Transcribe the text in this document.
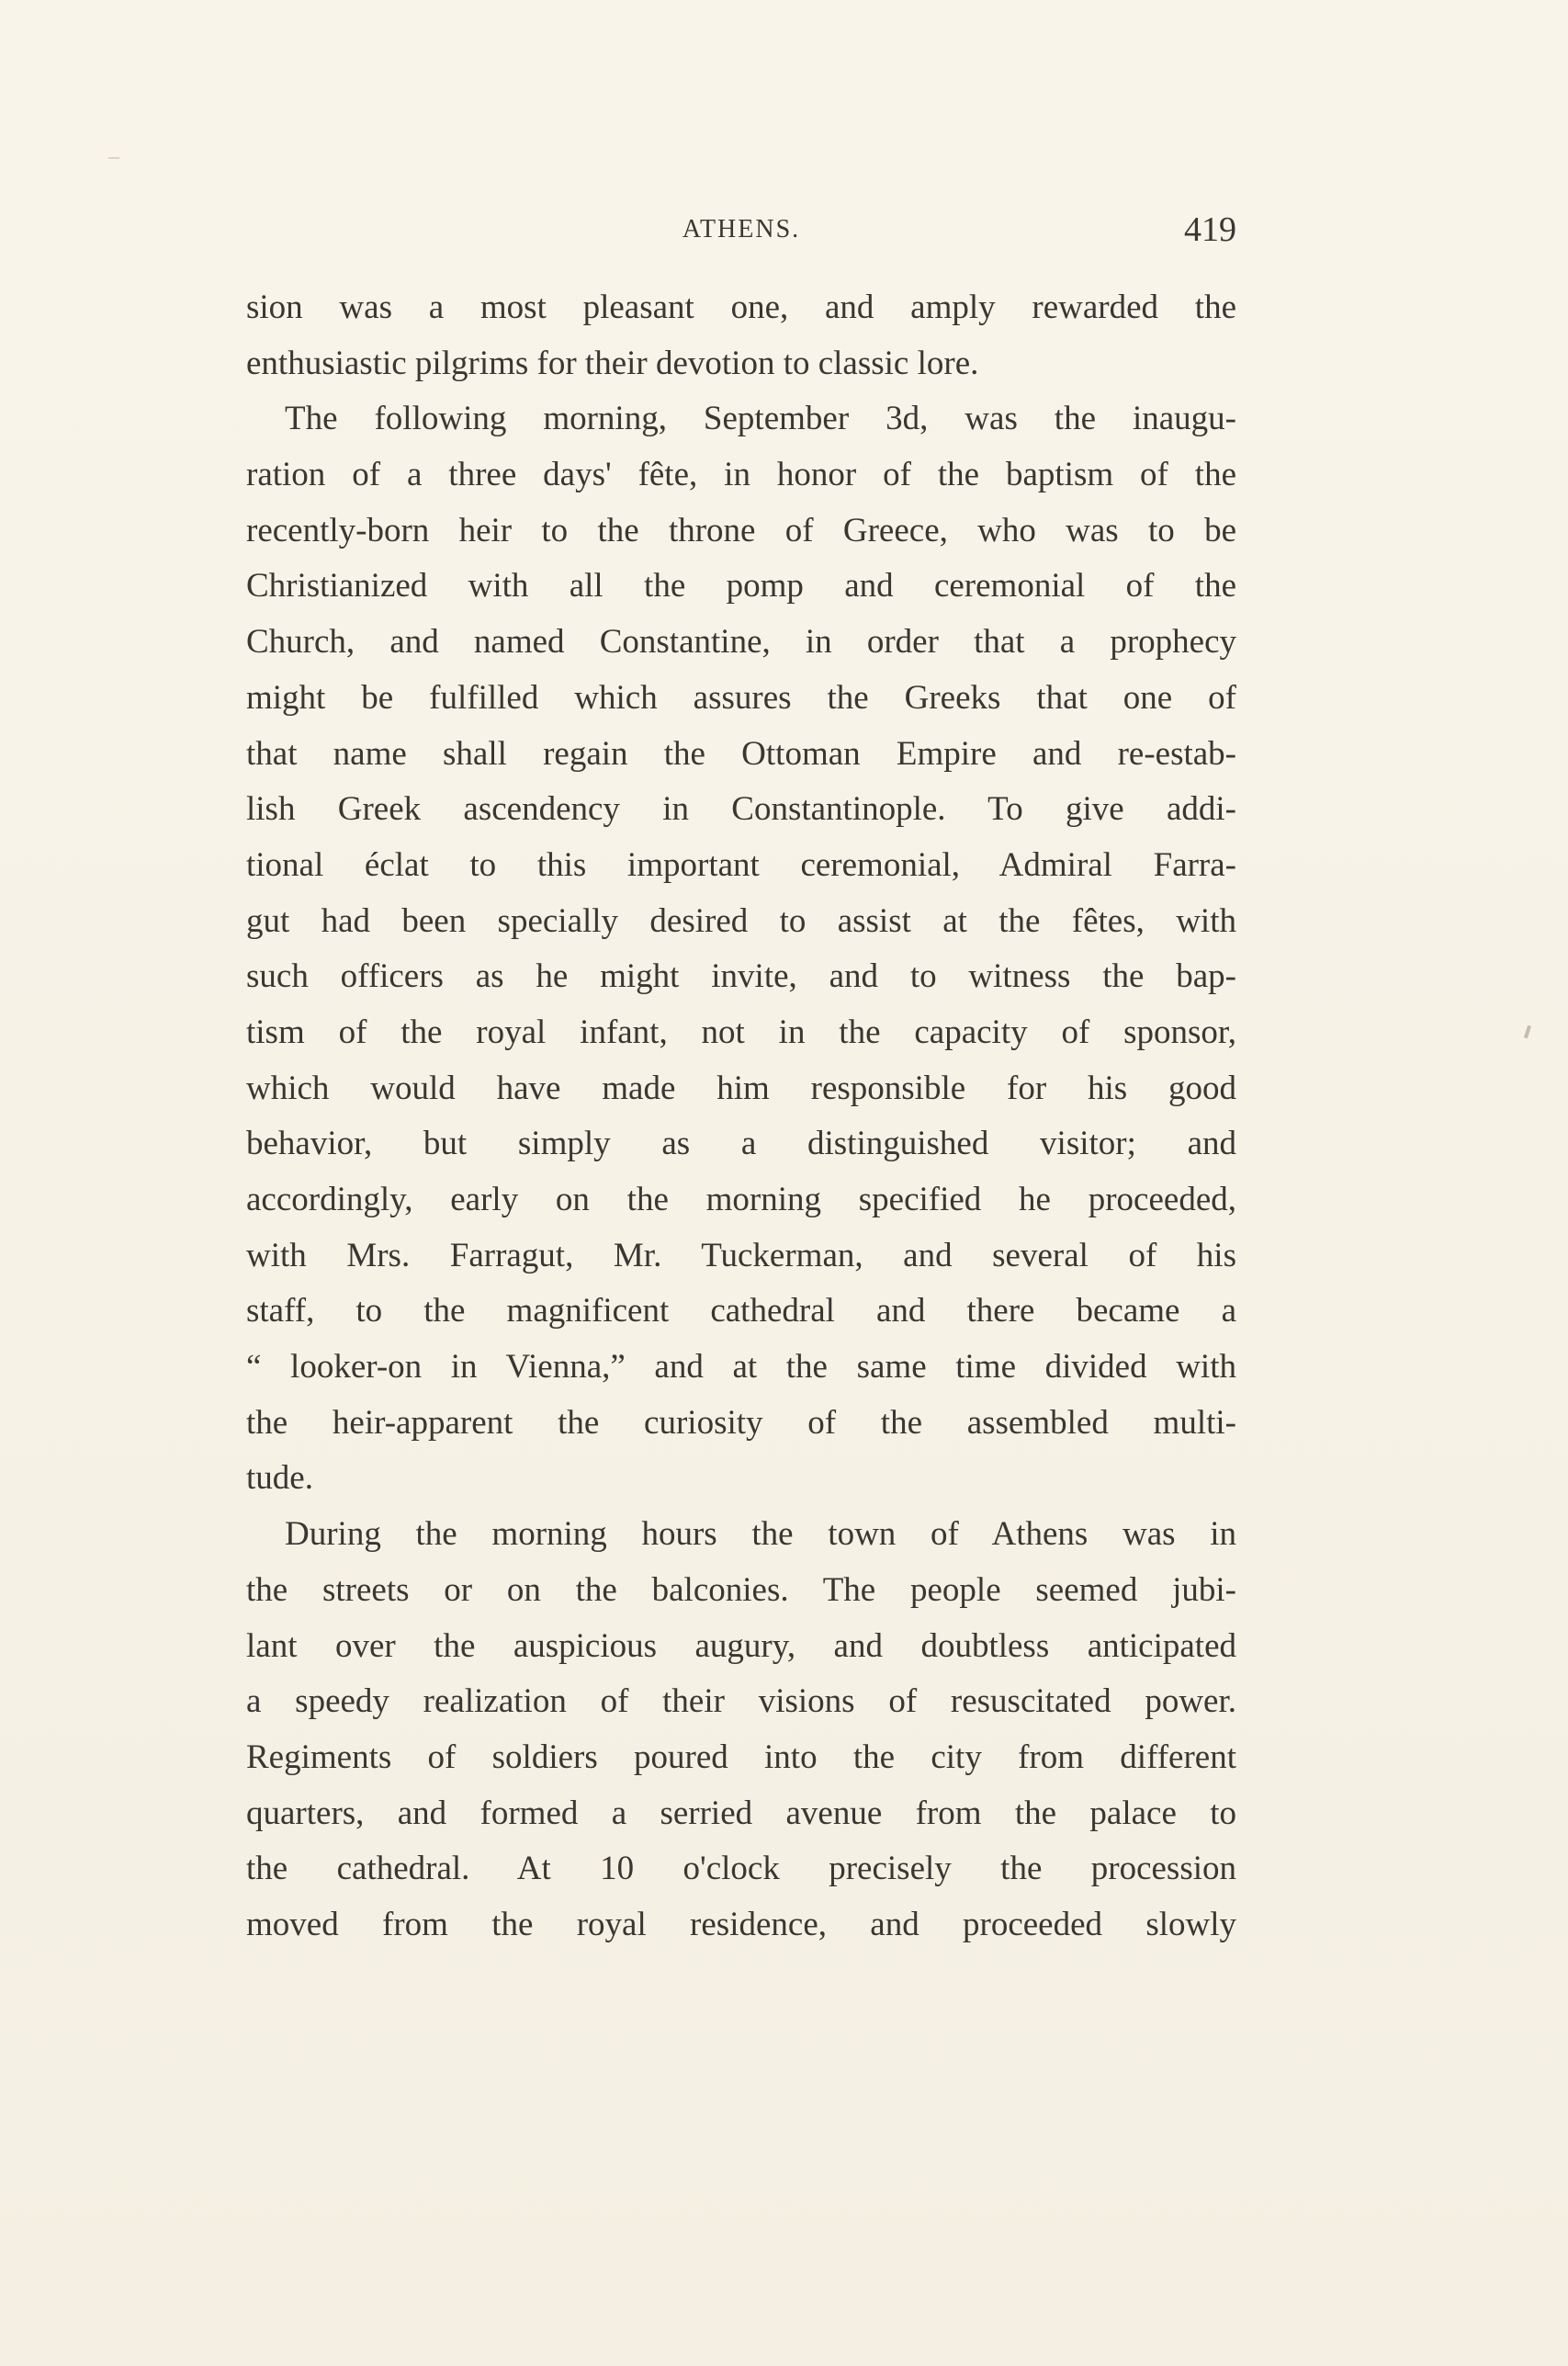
ATHENS.	419
sion was a most pleasant one, and amply rewarded the
enthusiastic pilgrims for their devotion to classic lore.
The following morning, September 3d, was the inaugu-
ration of a three days' fête, in honor of the baptism of the
recently-born heir to the throne of Greece, who was to be
Christianized with all the pomp and ceremonial of the
Church, and named Constantine, in order that a prophecy
might be fulfilled which assures the Greeks that one of
that name shall regain the Ottoman Empire and re-estab-
lish Greek ascendency in Constantinople. To give addi-
tional éclat to this important ceremonial, Admiral Farra-
gut had been specially desired to assist at the fêtes, with
such officers as he might invite, and to witness the bap-
tism of the royal infant, not in the capacity of sponsor,
which would have made him responsible for his good
behavior, but simply as a distinguished visitor; and
accordingly, early on the morning specified he proceeded,
with Mrs. Farragut, Mr. Tuckerman, and several of his
staff, to the magnificent cathedral and there became a
“ looker-on in Vienna,” and at the same time divided with
the heir-apparent the curiosity of the assembled multi-
tude.
During the morning hours the town of Athens was in
the streets or on the balconies. The people seemed jubi-
lant over the auspicious augury, and doubtless anticipated
a speedy realization of their visions of resuscitated power.
Regiments of soldiers poured into the city from different
quarters, and formed a serried avenue from the palace to
the cathedral. At 10 o'clock precisely the procession
moved from the royal residence, and proceeded slowly
